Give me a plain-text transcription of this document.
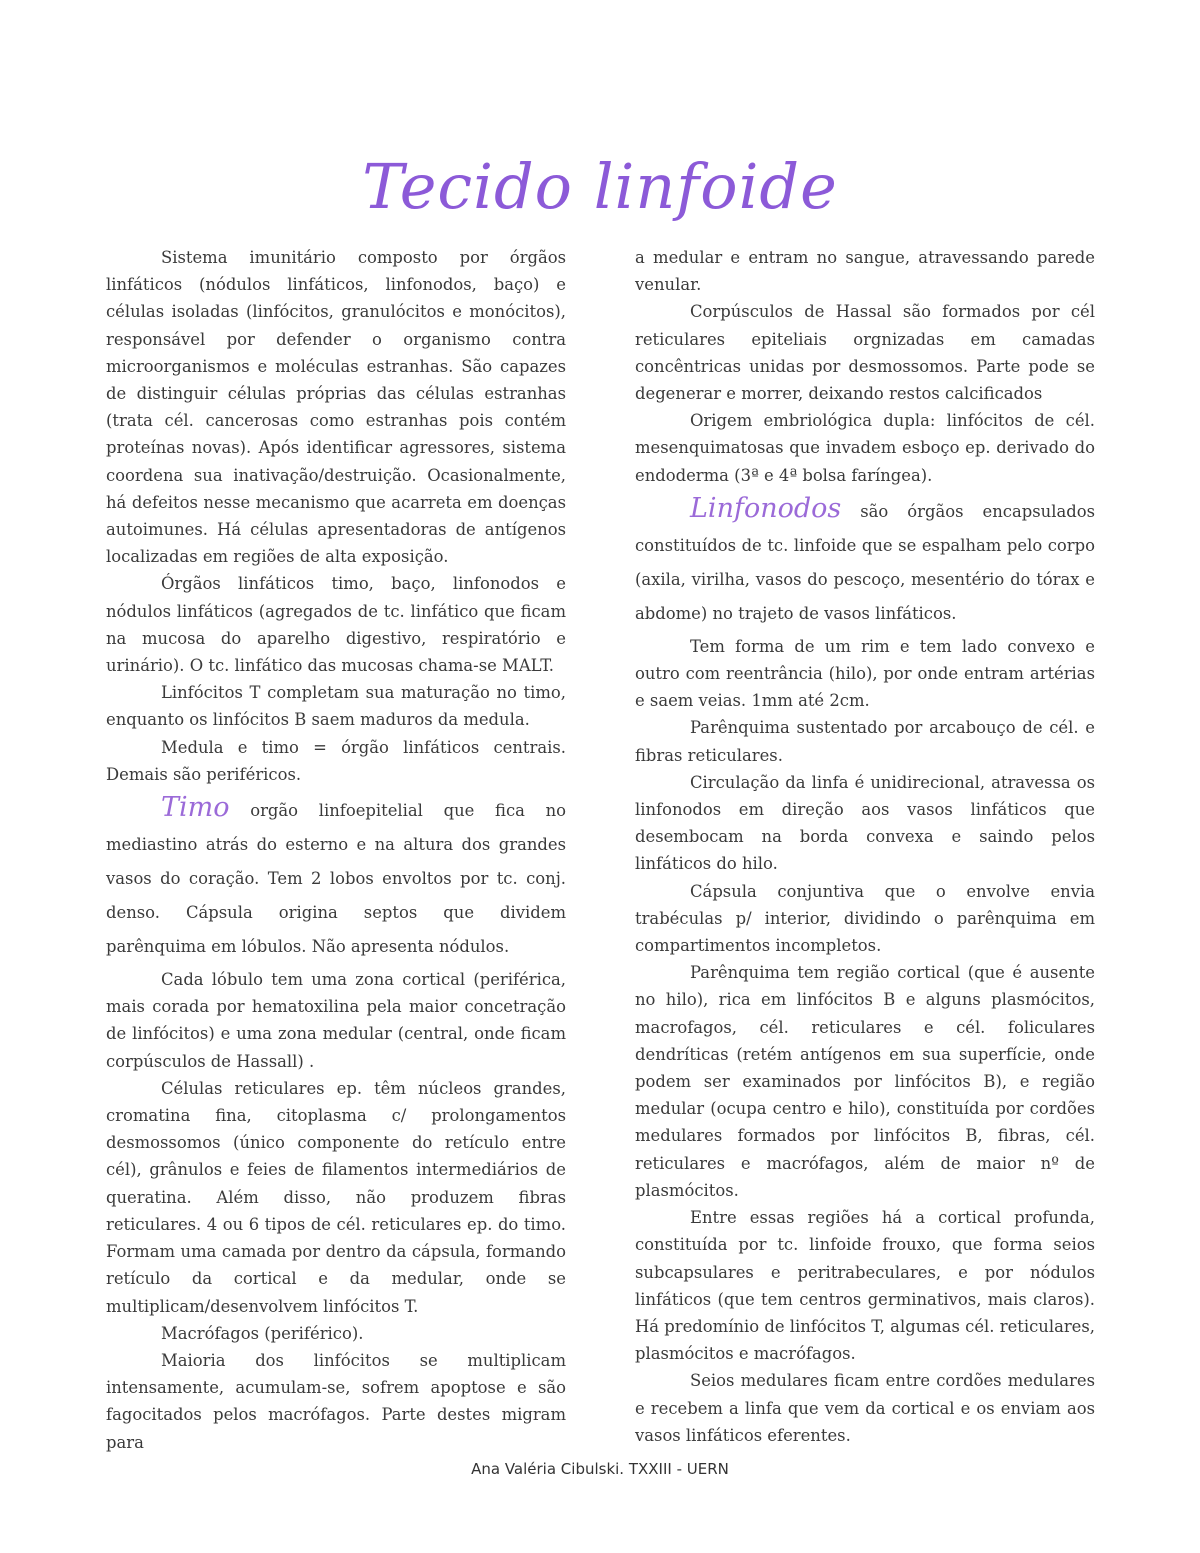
Tecido linfoide

Sistema imunitário composto por órgãos linfáticos (nódulos linfáticos, linfonodos, baço) e células isoladas (linfócitos, granulócitos e monócitos), responsável por defender o organismo contra microorganismos e moléculas estranhas. São capazes de distinguir células próprias das células estranhas (trata cél. cancerosas como estranhas pois contém proteínas novas). Após identificar agressores, sistema coordena sua inativação/destruição. Ocasionalmente, há defeitos nesse mecanismo que acarreta em doenças autoimunes. Há células apresentadoras de antígenos localizadas em regiões de alta exposição.

Órgãos linfáticos timo, baço, linfonodos e nódulos linfáticos (agregados de tc. linfático que ficam na mucosa do aparelho digestivo, respiratório e urinário). O tc. linfático das mucosas chama-se MALT.

Linfócitos T completam sua maturação no timo, enquanto os linfócitos B saem maduros da medula.

Medula e timo = órgão linfáticos centrais. Demais são periféricos.

Timo orgão linfoepitelial que fica no mediastino atrás do esterno e na altura dos grandes vasos do coração. Tem 2 lobos envoltos por tc. conj. denso. Cápsula origina septos que dividem parênquima em lóbulos. Não apresenta nódulos.

Cada lóbulo tem uma zona cortical (periférica, mais corada por hematoxilina pela maior concetração de linfócitos) e uma zona medular (central, onde ficam corpúsculos de Hassall) .

Células reticulares ep. têm núcleos grandes, cromatina fina, citoplasma c/ prolongamentos desmossomos (único componente do retículo entre cél), grânulos e feies de filamentos intermediários de queratina. Além disso, não produzem fibras reticulares. 4 ou 6 tipos de cél. reticulares ep. do timo. Formam uma camada por dentro da cápsula, formando retículo da cortical e da medular, onde se multiplicam/desenvolvem linfócitos T.

Macrófagos (periférico).

Maioria dos linfócitos se multiplicam intensamente, acumulam-se, sofrem apoptose e são fagocitados pelos macrófagos. Parte destes migram para

a medular e entram no sangue, atravessando parede venular.

Corpúsculos de Hassal são formados por cél reticulares epiteliais orgnizadas em camadas concêntricas unidas por desmossomos. Parte pode se degenerar e morrer, deixando restos calcificados

Origem embriológica dupla: linfócitos de cél. mesenquimatosas que invadem esboço ep. derivado do endoderma (3ª e 4ª bolsa faríngea).

Linfonodos são órgãos encapsulados constituídos de tc. linfoide que se espalham pelo corpo (axila, virilha, vasos do pescoço, mesentério do tórax e abdome) no trajeto de vasos linfáticos.

Tem forma de um rim e tem lado convexo e outro com reentrância (hilo), por onde entram artérias e saem veias. 1mm até 2cm.

Parênquima sustentado por arcabouço de cél. e fibras reticulares.

Circulação da linfa é unidirecional, atravessa os linfonodos em direção aos vasos linfáticos que desembocam na borda convexa e saindo pelos linfáticos do hilo.

Cápsula conjuntiva que o envolve envia trabéculas p/ interior, dividindo o parênquima em compartimentos incompletos.

Parênquima tem região cortical (que é ausente no hilo), rica em linfócitos B e alguns plasmócitos, macrofagos, cél. reticulares e cél. foliculares dendríticas (retém antígenos em sua superfície, onde podem ser examinados por linfócitos B), e região medular (ocupa centro e hilo), constituída por cordões medulares formados por linfócitos B, fibras, cél. reticulares e macrófagos, além de maior nº de plasmócitos.

Entre essas regiões há a cortical profunda, constituída por tc. linfoide frouxo, que forma seios subcapsulares e peritrabeculares, e por nódulos linfáticos (que tem centros germinativos, mais claros). Há predomínio de linfócitos T, algumas cél. reticulares, plasmócitos e macrófagos.

Seios medulares ficam entre cordões medulares e recebem a linfa que vem da cortical e os enviam aos vasos linfáticos eferentes.

Ana Valéria Cibulski. TXXIII - UERN
